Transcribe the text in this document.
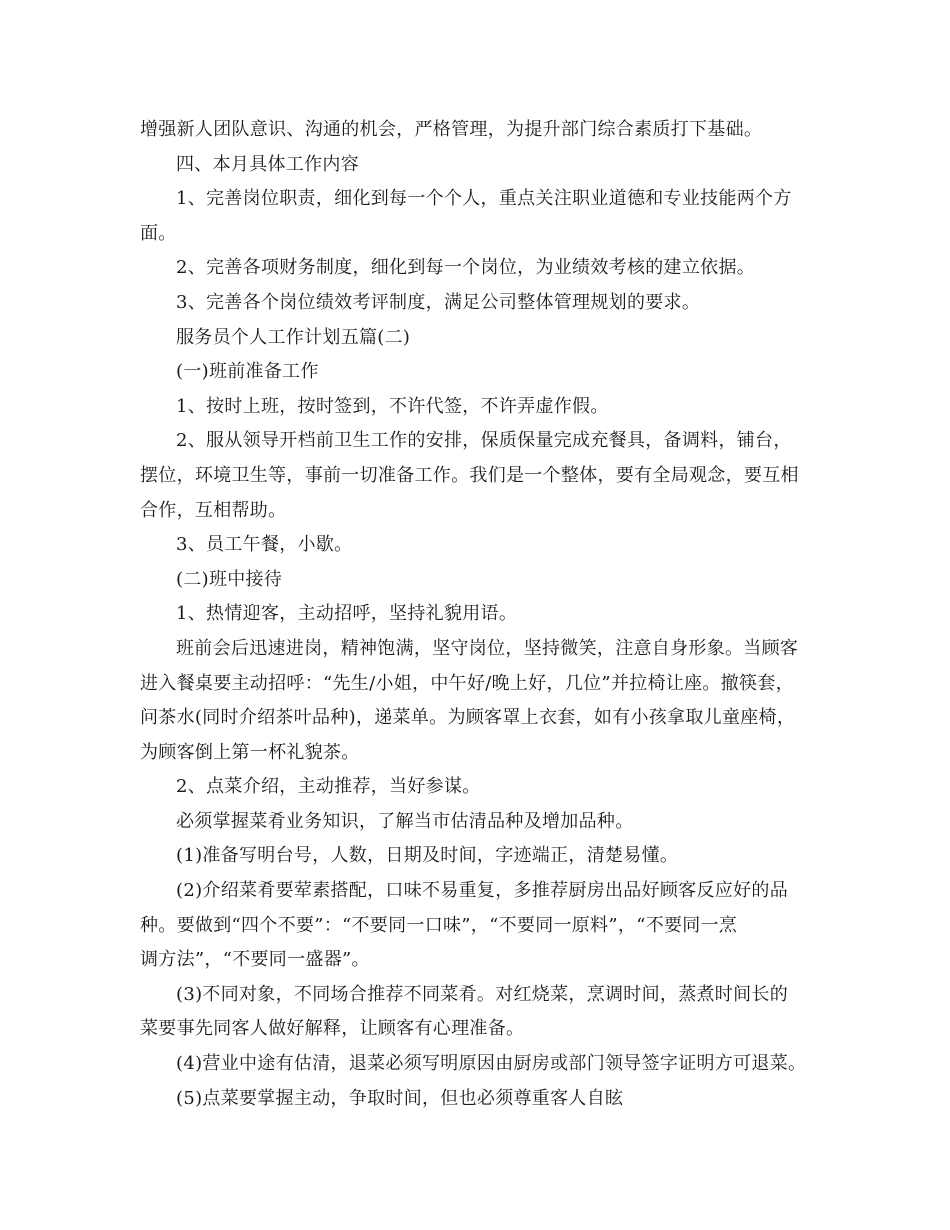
增强新人团队意识、沟通的机会，严格管理，为提升部门综合素质打下基础。
四、本月具体工作内容
1、完善岗位职责，细化到每一个个人，重点关注职业道德和专业技能两个方
面。
2、完善各项财务制度，细化到每一个岗位，为业绩效考核的建立依据。
3、完善各个岗位绩效考评制度，满足公司整体管理规划的要求。
服务员个人工作计划五篇(二)
(一)班前准备工作
1、按时上班，按时签到，不许代签，不许弄虚作假。
2、服从领导开档前卫生工作的安排，保质保量完成充餐具，备调料，铺台，
摆位，环境卫生等，事前一切准备工作。我们是一个整体，要有全局观念，要互相
合作，互相帮助。
3、员工午餐，小歇。
(二)班中接待
1、热情迎客，主动招呼，坚持礼貌用语。
班前会后迅速进岗，精神饱满，坚守岗位，坚持微笑，注意自身形象。当顾客
进入餐桌要主动招呼：“先生/小姐，中午好/晚上好，几位”并拉椅让座。撤筷套，
问茶水(同时介绍茶叶品种)，递菜单。为顾客罩上衣套，如有小孩拿取儿童座椅，
为顾客倒上第一杯礼貌茶。
2、点菜介绍，主动推荐，当好参谋。
必须掌握菜肴业务知识，了解当市估清品种及增加品种。
(1)准备写明台号，人数，日期及时间，字迹端正，清楚易懂。
(2)介绍菜肴要荤素搭配，口味不易重复，多推荐厨房出品好顾客反应好的品
种。要做到“四个不要”：“不要同一口味”，“不要同一原料”，“不要同一烹
调方法”，“不要同一盛器”。
(3)不同对象，不同场合推荐不同菜肴。对红烧菜，烹调时间，蒸煮时间长的
菜要事先同客人做好解释，让顾客有心理准备。
(4)营业中途有估清，退菜必须写明原因由厨房或部门领导签字证明方可退菜。
(5)点菜要掌握主动，争取时间，但也必须尊重客人自眩
